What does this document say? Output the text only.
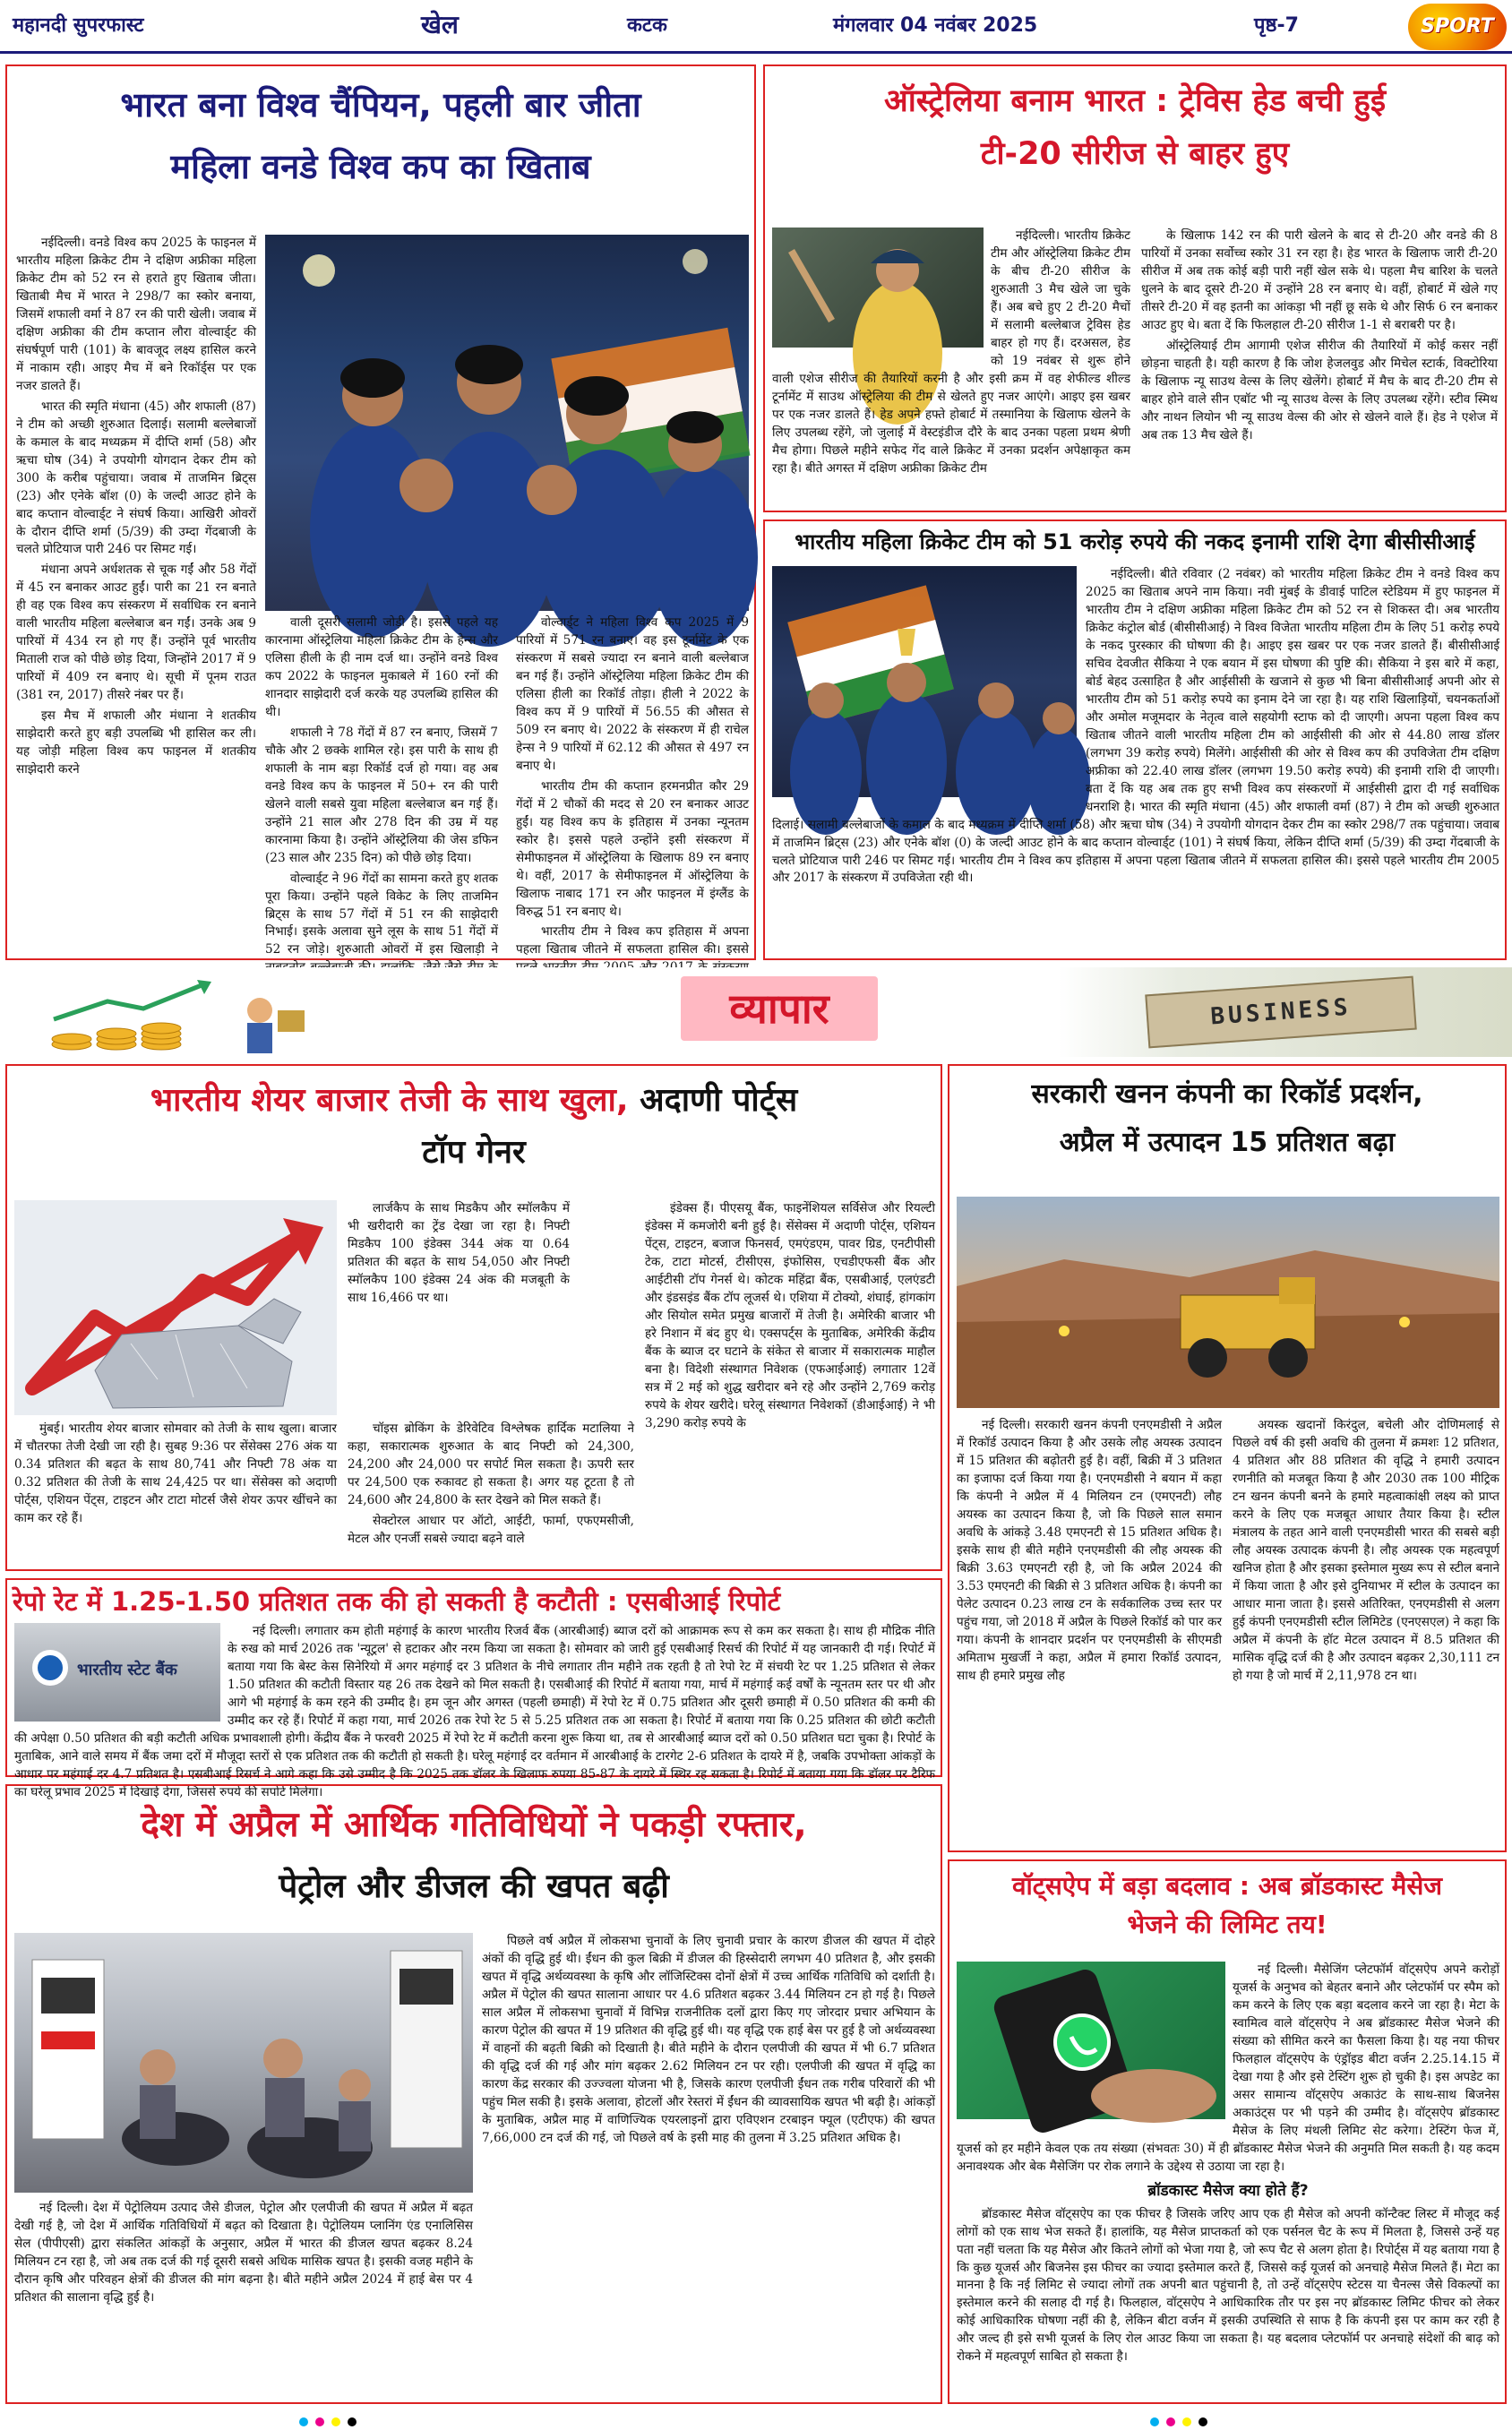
महानदी सुपरफास्ट	खेल	कटक	मंगलवार 04 नवंबर 2025	पृष्ठ-7	SPORT
भारत बना विश्व चैंपियन, पहली बार जीता
महिला वनडे विश्व कप का खिताब

नईदिल्ली। वनडे विश्व कप 2025 के फाइनल में भारतीय महिला क्रिकेट टीम ने दक्षिण अफ्रीका महिला क्रिकेट टीम को 52 रन से हराते हुए खिताब जीता। खिताबी मैच में भारत ने 298/7 का स्कोर बनाया, जिसमें शफाली वर्मा ने 87 रन की पारी खेली। जवाब में दक्षिण अफ्रीका की टीम कप्तान लौरा वोल्वार्ड्ट की संघर्षपूर्ण पारी (101) के बावजूद लक्ष्य हासिल करने में नाकाम रही। आइए मैच में बने रिकॉर्ड्स पर एक नजर डालते हैं।

भारत की स्मृति मंधाना (45) और शफाली (87) ने टीम को अच्छी शुरुआत दिलाई। सलामी बल्लेबाजों के कमाल के बाद मध्यक्रम में दीप्ति शर्मा (58) और ऋचा घोष (34) ने उपयोगी योगदान देकर टीम को 300 के करीब पहुंचाया। जवाब में ताजमिन ब्रिट्स (23) और एनेके बॉश (0) के जल्दी आउट होने के बाद कप्तान वोल्वार्ड्ट ने संघर्ष किया। आखिरी ओवरों के दौरान दीप्ति शर्मा (5/39) की उम्दा गेंदबाजी के चलते प्रोटियाज पारी 246 पर सिमट गई।

मंधाना अपने अर्धशतक से चूक गईं और 58 गेंदों में 45 रन बनाकर आउट हुईं। पारी का 21 रन बनाते ही वह एक विश्व कप संस्करण में सर्वाधिक रन बनाने वाली भारतीय महिला बल्लेबाज बन गईं। उनके अब 9 पारियों में 434 रन हो गए हैं। उन्होंने पूर्व भारतीय मिताली राज को पीछे छोड़ दिया, जिन्होंने 2017 में 9 पारियों में 409 रन बनाए थे। सूची में पूनम राउत (381 रन, 2017) तीसरे नंबर पर हैं।

इस मैच में शफाली और मंधाना ने शतकीय साझेदारी करते हुए बड़ी उपलब्धि भी हासिल कर ली। यह जोड़ी महिला विश्व कप फाइनल में शतकीय साझेदारी करने

वाली दूसरी सलामी जोड़ी है। इससे पहले यह कारनामा ऑस्ट्रेलिया महिला क्रिकेट टीम के हेन्स और एलिसा हीली के ही नाम दर्ज था। उन्होंने वनडे विश्व कप 2022 के फाइनल मुकाबले में 160 रनों की शानदार साझेदारी दर्ज करके यह उपलब्धि हासिल की थी।

शफाली ने 78 गेंदों में 87 रन बनाए, जिसमें 7 चौके और 2 छक्के शामिल रहे। इस पारी के साथ ही शफाली के नाम बड़ा रिकॉर्ड दर्ज हो गया। वह अब वनडे विश्व कप के फाइनल में 50+ रन की पारी खेलने वाली सबसे युवा महिला बल्लेबाज बन गई हैं। उन्होंने 21 साल और 278 दिन की उम्र में यह कारनामा किया है। उन्होंने ऑस्ट्रेलिया की जेस डफिन (23 साल और 235 दिन) को पीछे छोड़ दिया।

वोल्वार्ड्ट ने 96 गेंदों का सामना करते हुए शतक पूरा किया। उन्होंने पहले विकेट के लिए ताजमिन ब्रिट्स के साथ 57 गेंदों में 51 रन की साझेदारी निभाई। इसके अलावा सुने लूस के साथ 51 गेंदों में 52 रन जोड़े। शुरुआती ओवरों में इस खिलाड़ी ने

वोल्वार्ड्ट ने महिला विश्व कप 2025 में 9 पारियों में 571 रन बनाए। वह इस टूर्नामेंट के एक संस्करण में सबसे ज्यादा रन बनाने वाली बल्लेबाज बन गई हैं। उन्होंने ऑस्ट्रेलिया महिला क्रिकेट टीम की एलिसा हीली का रिकॉर्ड तोड़ा। हीली ने 2022 के विश्व कप में 9 पारियों में 56.55 की औसत से 509 रन बनाए थे। 2022 के संस्करण में ही राचेल हेन्स ने 9 पारियों में 62.12 की औसत से 497 रन बनाए थे।

भारतीय टीम की कप्तान हरमनप्रीत कौर 29 गेंदों में 2 चौकों की मदद से 20 रन बनाकर आउट हुईं। यह विश्व कप के इतिहास में उनका न्यूनतम स्कोर है। इससे पहले उन्होंने इसी संस्करण में सेमीफाइनल में ऑस्ट्रेलिया के खिलाफ 89 रन बनाए थे। वहीं, 2017 के सेमीफाइनल में ऑस्ट्रेलिया के खिलाफ नाबाद 171 रन और फाइनल में इंग्लैंड के विरुद्ध 51 रन बनाए थे।

भारतीय टीम ने विश्व कप इतिहास में अपना पहला खिताब जीतने में सफलता हासिल की। इससे

ऑस्ट्रेलिया बनाम भारत : ट्रेविस हेड बची हुई
टी-20 सीरीज से बाहर हुए

नईदिल्ली। भारतीय क्रिकेट टीम और ऑस्ट्रेलिया क्रिकेट टीम के बीच टी-20 सीरीज के शुरुआती 3 मैच खेले जा चुके हैं। अब बचे हुए 2 टी-20 मैचों में सलामी बल्लेबाज ट्रेविस हेड बाहर हो गए हैं। दरअसल, हेड को 19 नवंबर से शुरू होने वाली एशेज सीरीज की तैयारियों करनी है और इसी क्रम में वह शेफील्ड शील्ड टूर्नामेंट में साउथ ऑस्ट्रेलिया की टीम से खेलते हुए नजर आएंगे। आइए इस खबर पर एक नजर डालते हैं। हेड अपने हफ्ते होबार्ट में तस्मानिया के खिलाफ खेलने के लिए उपलब्ध रहेंगे, जो जुलाई में वेस्टइंडीज दौरे के बाद उनका पहला प्रथम श्रेणी मैच होगा। पिछले महीने सफेद गेंद वाले क्रिकेट में उनका प्रदर्शन अपेक्षाकृत कम रहा है। बीते अगस्त में दक्षिण अफ्रीका क्रिकेट टीम

के खिलाफ 142 रन की पारी खेलने के बाद से टी-20 और वनडे की 8 पारियों में उनका सर्वोच्च स्कोर 31 रन रहा है। हेड भारत के खिलाफ जारी टी-20 सीरीज में अब तक कोई बड़ी पारी नहीं खेल सके थे। पहला मैच बारिश के चलते धुलने के बाद दूसरे टी-20 में उन्होंने 28 रन बनाए थे। वहीं, होबार्ट में खेले गए तीसरे टी-20 में वह इतनी का आंकड़ा भी नहीं छू सके थे और सिर्फ 6 रन बनाकर आउट हुए थे। बता दें कि फिलहाल टी-20 सीरीज 1-1 से बराबरी पर है।

ऑस्ट्रेलियाई टीम आगामी एशेज सीरीज की तैयारियों में कोई कसर नहीं छोड़ना चाहती है। यही कारण है कि जोश हेजलवुड और मिचेल स्टार्क, विक्टोरिया के खिलाफ न्यू साउथ वेल्स के लिए खेलेंगे। होबार्ट में मैच के बाद टी-20 टीम से बाहर होने वाले सीन एबॉट भी न्यू साउथ वेल्स के लिए उपलब्ध रहेंगे। स्टीव स्मिथ और नाथन लियोन भी न्यू साउथ वेल्स की ओर से खेलने वाले हैं। हेड ने एशेज में अब तक 13 मैच खेले हैं।

भारतीय महिला क्रिकेट टीम को 51 करोड़ रुपये की नकद इनामी राशि देगा बीसीसीआई

नईदिल्ली। बीते रविवार (2 नवंबर) को भारतीय महिला क्रिकेट टीम ने वनडे विश्व कप 2025 का खिताब अपने नाम किया। नवी मुंबई के डीवाई पाटिल स्टेडियम में हुए फाइनल में भारतीय टीम ने दक्षिण अफ्रीका महिला क्रिकेट टीम को 52 रन से शिकस्त दी। अब भारतीय क्रिकेट कंट्रोल बोर्ड (बीसीसीआई) ने विश्व विजेता भारतीय महिला टीम के लिए 51 करोड़ रुपये के नकद पुरस्कार की घोषणा की है। आइए इस खबर पर एक नजर डालते हैं। बीसीसीआई सचिव देवजीत सैकिया ने एक बयान में इस घोषणा की पुष्टि की। सैकिया ने इस बारे में कहा, बोर्ड बेहद उत्साहित है और आईसीसी के खजाने से कुछ भी बिना बीसीसीआई अपनी ओर से भारतीय टीम को 51 करोड़ रुपये का इनाम देने जा रहा है। यह राशि खिलाड़ियों, चयनकर्ताओं और अमोल मजूमदार के नेतृत्व वाले सहयोगी स्टाफ को दी जाएगी। अपना पहला विश्व कप खिताब जीतने वाली भारतीय महिला टीम को आईसीसी की ओर से 44.80 लाख डॉलर (लगभग 39 करोड़ रुपये) मिलेंगे। आईसीसी की ओर से विश्व कप की उपविजेता टीम दक्षिण अफ्रीका को 22.40 लाख डॉलर (लगभग 19.50 करोड़ रुपये) की इनामी राशि दी जाएगी। बता दें कि यह अब तक हुए सभी विश्व कप संस्करणों में आईसीसी द्वारा दी गई सर्वाधिक धनराशि है। भारत की स्मृति मंधाना (45) और शफाली वर्मा (87) ने टीम को अच्छी शुरुआत दिलाई। सलामी बल्लेबाजों के कमाल के बाद मध्यक्रम में दीप्ति शर्मा (58) और ऋचा घोष (34) ने उपयोगी योगदान देकर टीम का स्कोर 298/7 तक पहुंचाया। जवाब में ताजमिन ब्रिट्स (23) और एनेके बॉश (0) के जल्दी आउट होने के बाद कप्तान वोल्वार्ड्ट (101) ने संघर्ष किया, लेकिन दीप्ति शर्मा (5/39) की उम्दा गेंदबाजी के चलते प्रोटियाज पारी 246 पर सिमट गई। भारतीय टीम ने विश्व कप इतिहास में अपना पहला खिताब जीतने में सफलता हासिल की। इससे पहले भारतीय टीम 2005 और 2017 के संस्करण में उपविजेता रही थी।

व्यापार	BUSINESS
भारतीय शेयर बाजार तेजी के साथ खुला, अदाणी पोर्ट्स
टॉप गेनर

लार्जकैप के साथ मिडकैप और स्मॉलकैप में भी खरीदारी का ट्रेंड देखा जा रहा है। निफ्टी मिडकैप 100 इंडेक्स 344 अंक या 0.64 प्रतिशत की बढ़त के साथ 54,050 और निफ्टी स्मॉलकैप 100 इंडेक्स 24 अंक की मजबूती के साथ 16,466 पर था।

मुंबई। भारतीय शेयर बाजार सोमवार को तेजी के साथ खुला। बाजार में चौतरफा तेजी देखी जा रही है। सुबह 9:36 पर सेंसेक्स 276 अंक या 0.34 प्रतिशत की बढ़त के साथ 80,741 और निफ्टी 78 अंक या 0.32 प्रतिशत की तेजी के साथ 24,425 पर था। सेंसेक्स को अदाणी पोर्ट्स, एशियन पेंट्स, टाइटन और टाटा मोटर्स जैसे शेयर ऊपर खींचने का काम कर रहे हैं।

चॉइस ब्रोकिंग के डेरिवेटिव विश्लेषक हार्दिक मटालिया ने कहा, सकारात्मक शुरुआत के बाद निफ्टी को 24,300, 24,200 और 24,000 पर सपोर्ट मिल सकता है। ऊपरी स्तर पर 24,500 एक रुकावट हो सकता है। अगर यह टूटता है तो 24,600 और 24,800 के स्तर देखने को मिल सकते हैं।

सेक्टोरल आधार पर ऑटो, आईटी, फार्मा, एफएमसीजी, मेटल और एनर्जी सबसे ज्यादा बढ़ने वाले

इंडेक्स हैं। पीएसयू बैंक, फाइनेंशियल सर्विसेज और रियल्टी इंडेक्स में कमजोरी बनी हुई है। सेंसेक्स में अदाणी पोर्ट्स, एशियन पेंट्स, टाइटन, बजाज फिनसर्व, एमएंडएम, पावर ग्रिड, एनटीपीसी टेक, टाटा मोटर्स, टीसीएस, इंफोसिस, एचडीएफसी बैंक और आईटीसी टॉप गेनर्स थे। कोटक महिंद्रा बैंक, एसबीआई, एलएंडटी और इंडसइंड बैंक टॉप लूजर्स थे। एशिया में टोक्यो, शंघाई, हांगकांग और सियोल समेत प्रमुख बाजारों में तेजी है। अमेरिकी बाजार भी हरे निशान में बंद हुए थे। एक्सपर्ट्स के मुताबिक, अमेरिकी केंद्रीय बैंक के ब्याज दर घटाने के संकेत से बाजार में सकारात्मक माहौल बना है। विदेशी संस्थागत निवेशक (एफआईआई) लगातार 12वें सत्र में 2 मई को शुद्ध खरीदार बने रहे और उन्होंने 2,769 करोड़ रुपये के शेयर खरीदे। घरेलू संस्थागत निवेशकों (डीआईआई) ने भी 3,290 करोड़ रुपये के

रेपो रेट में 1.25-1.50 प्रतिशत तक की हो सकती है कटौती : एसबीआई रिपोर्ट
भारतीय स्टेट बैंक

नई दिल्ली। लगातार कम होती महंगाई के कारण भारतीय रिजर्व बैंक (आरबीआई) ब्याज दरों को आक्रामक रूप से कम कर सकता है। साथ ही मौद्रिक नीति के रुख को मार्च 2026 तक 'न्यूट्रल' से हटाकर और नरम किया जा सकता है। सोमवार को जारी हुई एसबीआई रिसर्च की रिपोर्ट में यह जानकारी दी गई। रिपोर्ट में बताया गया कि बेस्ट केस सिनेरियो में अगर महंगाई दर 3 प्रतिशत के नीचे लगातार तीन महीने तक रहती है तो रेपो रेट में संचयी रेट पर 1.25 प्रतिशत से लेकर 1.50 प्रतिशत की कटौती विस्तार यह 26 तक देखने को मिल सकती है। एसबीआई की रिपोर्ट में बताया गया, मार्च में महंगाई कई वर्षों के न्यूनतम स्तर पर थी और आगे भी महंगाई के कम रहने की उम्मीद है। हम जून और अगस्त (पहली छमाही) में रेपो रेट में 0.75 प्रतिशत और दूसरी छमाही में 0.50 प्रतिशत की कमी की उम्मीद कर रहे हैं। रिपोर्ट में कहा गया, मार्च 2026 तक रेपो रेट 5 से 5.25 प्रतिशत तक आ सकता है। रिपोर्ट में बताया गया कि 0.25 प्रतिशत की छोटी कटौती की अपेक्षा 0.50 प्रतिशत की बड़ी कटौती अधिक प्रभावशाली होगी। केंद्रीय बैंक ने फरवरी 2025 में रेपो रेट में कटौती करना शुरू किया था, तब से आरबीआई ब्याज दरों को 0.50 प्रतिशत घटा चुका है। रिपोर्ट के मुताबिक, आने वाले समय में बैंक जमा दरों में मौजूदा स्तरों से एक प्रतिशत तक की कटौती हो सकती है। घरेलू महंगाई दर वर्तमान में आरबीआई के टारगेट 2-6 प्रतिशत के दायरे में है, जबकि उपभोक्ता आंकड़ों के आधार पर महंगाई दर 4.7 प्रतिशत है। एसबीआई रिसर्च ने आगे कहा कि उसे उम्मीद है कि 2025 तक डॉलर के खिलाफ रुपया 85-87 के दायरे में स्थिर रह सकता है। रिपोर्ट में बताया गया कि डॉलर पर टैरिफ का घरेलू प्रभाव 2025 में दिखाई देगा, जिससे रुपये की सपोर्ट मिलेगा।

देश में अप्रैल में आर्थिक गतिविधियों ने पकड़ी रफ्तार,
पेट्रोल और डीजल की खपत बढ़ी

नई दिल्ली। देश में पेट्रोलियम उत्पाद जैसे डीजल, पेट्रोल और एलपीजी की खपत में अप्रैल में बढ़त देखी गई है, जो देश में आर्थिक गतिविधियों में बढ़त को दिखाता है। पेट्रोलियम प्लानिंग एंड एनालिसिस सेल (पीपीएसी) द्वारा संकलित आंकड़ों के अनुसार, अप्रैल में भारत की डीजल खपत बढ़कर 8.24 मिलियन टन रहा है, जो अब तक दर्ज की गई दूसरी सबसे अधिक मासिक खपत है। इसकी वजह महीने के दौरान कृषि और परिवहन क्षेत्रों की डीजल की मांग बढ़ना है। बीते महीने अप्रैल 2024 में हाई बेस पर 4 प्रतिशत की सालाना वृद्धि हुई है।

पिछले वर्ष अप्रैल में लोकसभा चुनावों के लिए चुनावी प्रचार के कारण डीजल की खपत में दोहरे अंकों की वृद्धि हुई थी। ईंधन की कुल बिक्री में डीजल की हिस्सेदारी लगभग 40 प्रतिशत है, और इसकी खपत में वृद्धि अर्थव्यवस्था के कृषि और लॉजिस्टिक्स दोनों क्षेत्रों में उच्च आर्थिक गतिविधि को दर्शाती है। अप्रैल में पेट्रोल की खपत सालाना आधार पर 4.6 प्रतिशत बढ़कर 3.44 मिलियन टन हो गई है। पिछले साल अप्रैल में लोकसभा चुनावों में विभिन्न राजनीतिक दलों द्वारा किए गए जोरदार प्रचार अभियान के कारण पेट्रोल की खपत में 19 प्रतिशत की वृद्धि हुई थी। यह वृद्धि एक हाई बेस पर हुई है जो अर्थव्यवस्था में वाहनों की बढ़ती बिक्री को दिखाती है। बीते महीने के दौरान एलपीजी की खपत में भी 6.7 प्रतिशत की वृद्धि दर्ज की गई और मांग बढ़कर 2.62 मिलियन टन पर रही। एलपीजी की खपत में वृद्धि का कारण केंद्र सरकार की उज्ज्वला योजना भी है, जिसके कारण एलपीजी ईंधन तक गरीब परिवारों की भी पहुंच मिल सकी है। इसके अलावा, होटलों और रेस्तरां में ईंधन की व्यावसायिक खपत भी बढ़ी है। आंकड़ों के मुताबिक, अप्रैल माह में वाणिज्यिक एयरलाइनों द्वारा एविएशन टरबाइन फ्यूल (एटीएफ) की खपत 7,66,000 टन दर्ज की गई, जो पिछले वर्ष के इसी माह की तुलना में 3.25 प्रतिशत अधिक है।

सरकारी खनन कंपनी का रिकॉर्ड प्रदर्शन,
अप्रैल में उत्पादन 15 प्रतिशत बढ़ा

नई दिल्ली। सरकारी खनन कंपनी एनएमडीसी ने अप्रैल में रिकॉर्ड उत्पादन किया है और उसके लौह अयस्क उत्पादन में 15 प्रतिशत की बढ़ोतरी हुई है। वहीं, बिक्री में 3 प्रतिशत का इजाफा दर्ज किया गया है। एनएमडीसी ने बयान में कहा कि कंपनी ने अप्रैल में 4 मिलियन टन (एमएनटी) लौह अयस्क का उत्पादन किया है, जो कि पिछले साल समान अवधि के आंकड़े 3.48 एमएनटी से 15 प्रतिशत अधिक है। इसके साथ ही बीते महीने एनएमडीसी की लौह अयस्क की बिक्री 3.63 एमएनटी रही है, जो कि अप्रैल 2024 की 3.53 एमएनटी की बिक्री से 3 प्रतिशत अधिक है। कंपनी का पेलेट उत्पादन 0.23 लाख टन के सर्वकालिक उच्च स्तर पर पहुंच गया, जो 2018 में अप्रैल के पिछले रिकॉर्ड को पार कर गया। कंपनी के शानदार प्रदर्शन पर एनएमडीसी के सीएमडी अमिताभ मुखर्जी ने कहा, अप्रैल में हमारा रिकॉर्ड उत्पादन, साथ ही हमारे प्रमुख लौह

अयस्क खदानों किरंदुल, बचेली और दोणिमलाई से पिछले वर्ष की इसी अवधि की तुलना में क्रमशः 12 प्रतिशत, 4 प्रतिशत और 88 प्रतिशत की वृद्धि ने हमारी उत्पादन रणनीति को मजबूत किया है और 2030 तक 100 मीट्रिक टन खनन कंपनी बनने के हमारे महत्वाकांक्षी लक्ष्य को प्राप्त करने के लिए एक मजबूत आधार तैयार किया है। स्टील मंत्रालय के तहत आने वाली एनएमडीसी भारत की सबसे बड़ी लौह अयस्क उत्पादक कंपनी है। लौह अयस्क एक महत्वपूर्ण खनिज होता है और इसका इस्तेमाल मुख्य रूप से स्टील बनाने में किया जाता है और इसे दुनियाभर में स्टील के उत्पादन का आधार माना जाता है। इससे अतिरिक्त, एनएमडीसी से अलग हुई कंपनी एनएमडीसी स्टील लिमिटेड (एनएसएल) ने कहा कि अप्रैल में कंपनी के हॉट मेटल उत्पादन में 8.5 प्रतिशत की मासिक वृद्धि दर्ज की है और उत्पादन बढ़कर 2,30,111 टन हो गया है जो मार्च में 2,11,978 टन था।

वॉट्सऐप में बड़ा बदलाव : अब ब्रॉडकास्ट मैसेज
भेजने की लिमिट तय!

नई दिल्ली। मैसेजिंग प्लेटफॉर्म वॉट्सऐप अपने करोड़ों यूजर्स के अनुभव को बेहतर बनाने और प्लेटफॉर्म पर स्पैम को कम करने के लिए एक बड़ा बदलाव करने जा रहा है। मेटा के स्वामित्व वाले वॉट्सऐप ने अब ब्रॉडकास्ट मैसेज भेजने की संख्या को सीमित करने का फैसला किया है। यह नया फीचर फिलहाल वॉट्सऐप के एंड्रॉइड बीटा वर्जन 2.25.14.15 में देखा गया है और इसे टेस्टिंग शुरू हो चुकी है। इस अपडेट का असर सामान्य वॉट्सऐप अकाउंट के साथ-साथ बिजनेस अकाउंट्स पर भी पड़ने की उम्मीद है। वॉट्सऐप ब्रॉडकास्ट मैसेज के लिए मंथली लिमिट सेट करेगा। टेस्टिंग फेज में, यूजर्स को हर महीने केवल एक तय संख्या (संभवतः 30) में ही ब्रॉडकास्ट मैसेज भेजने की अनुमति मिल सकती है। यह कदम अनावश्यक और बेक मैसेजिंग पर रोक लगाने के उद्देश्य से उठाया जा रहा है।

ब्रॉडकास्ट मैसेज क्या होते हैं?

ब्रॉडकास्ट मैसेज वॉट्सऐप का एक फीचर है जिसके जरिए आप एक ही मैसेज को अपनी कॉन्टैक्ट लिस्ट में मौजूद कई लोगों को एक साथ भेज सकते हैं। हालांकि, यह मैसेज प्राप्तकर्ता को एक पर्सनल चैट के रूप में मिलता है, जिससे उन्हें यह पता नहीं चलता कि यह मैसेज और कितने लोगों को भेजा गया है, जो रूप चैट से अलग होता है। रिपोर्ट्स में यह बताया गया है कि कुछ यूजर्स और बिजनेस इस फीचर का ज्यादा इस्तेमाल करते हैं, जिससे कई यूजर्स को अनचाहे मैसेज मिलते हैं। मेटा का मानना है कि नई लिमिट से ज्यादा लोगों तक अपनी बात पहुंचानी है, तो उन्हें वॉट्सऐप स्टेटस या चैनल्स जैसे विकल्पों का इस्तेमाल करने की सलाह दी गई है। फिलहाल, वॉट्सऐप ने आधिकारिक तौर पर इस नए ब्रॉडकास्ट लिमिट फीचर को लेकर कोई आधिकारिक घोषणा नहीं की है, लेकिन बीटा वर्जन में इसकी उपस्थिति से साफ है कि कंपनी इस पर काम कर रही है और जल्द ही इसे सभी यूजर्स के लिए रोल आउट किया जा सकता है। यह बदलाव प्लेटफॉर्म पर अनचाहे संदेशों की बाढ़ को रोकने में महत्वपूर्ण साबित हो सकता है।
